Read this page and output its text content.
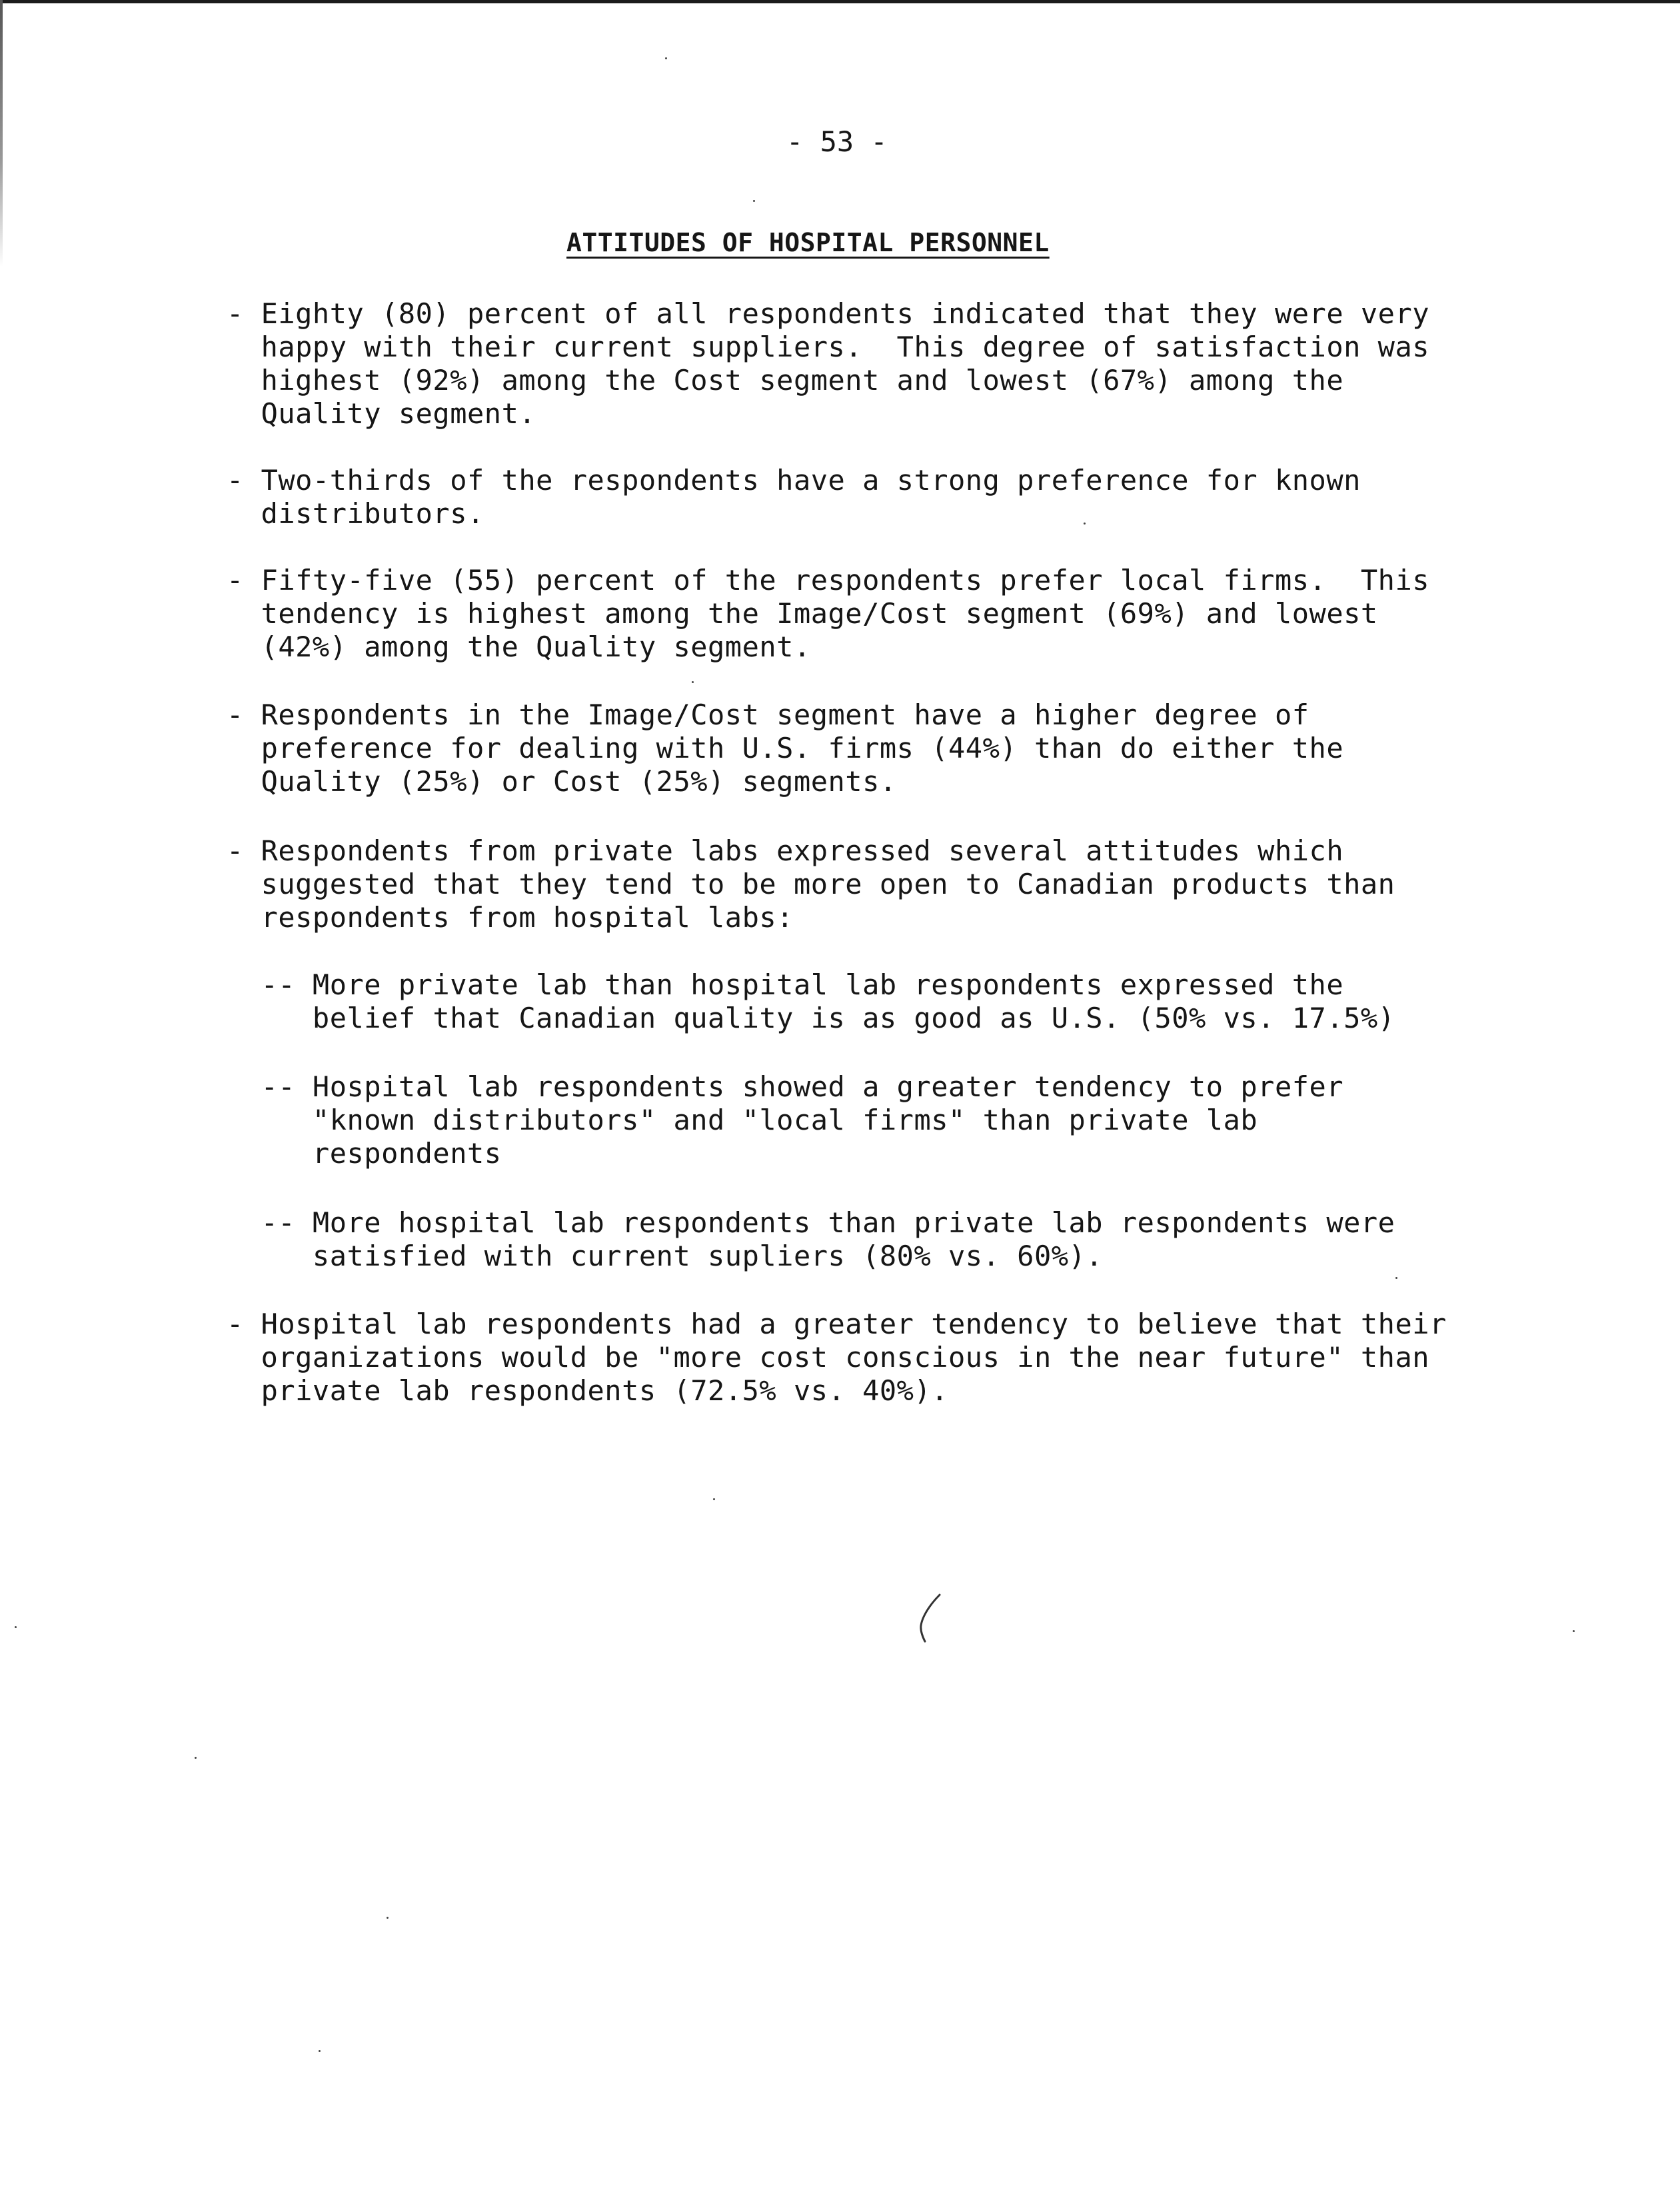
- 53 -
ATTITUDES OF HOSPITAL PERSONNEL
- Eighty (80) percent of all respondents indicated that they were very
happy with their current suppliers.  This degree of satisfaction was
highest (92%) among the Cost segment and lowest (67%) among the
Quality segment.
- Two-thirds of the respondents have a strong preference for known
distributors.
- Fifty-five (55) percent of the respondents prefer local firms.  This
tendency is highest among the Image/Cost segment (69%) and lowest
(42%) among the Quality segment.
- Respondents in the Image/Cost segment have a higher degree of
preference for dealing with U.S. firms (44%) than do either the
Quality (25%) or Cost (25%) segments.
- Respondents from private labs expressed several attitudes which
suggested that they tend to be more open to Canadian products than
respondents from hospital labs:
-- More private lab than hospital lab respondents expressed the
belief that Canadian quality is as good as U.S. (50% vs. 17.5%)
-- Hospital lab respondents showed a greater tendency to prefer
"known distributors" and "local firms" than private lab
respondents
-- More hospital lab respondents than private lab respondents were
satisfied with current supliers (80% vs. 60%).
- Hospital lab respondents had a greater tendency to believe that their
organizations would be "more cost conscious in the near future" than
private lab respondents (72.5% vs. 40%).
